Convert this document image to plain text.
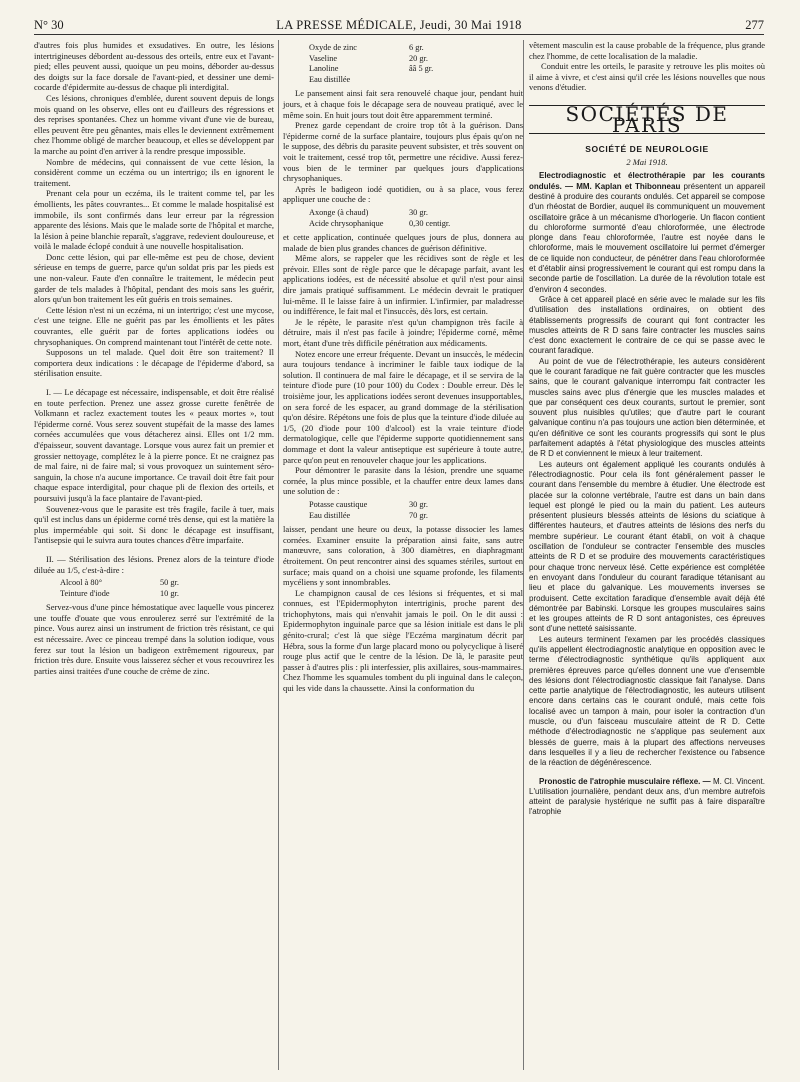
N° 30	LA PRESSE MÉDICALE, Jeudi, 30 Mai 1918	277

d'autres fois plus humides et exsudatives. En outre, les lésions intertrigineuses débordent au-dessous des orteils, entre eux et l'avant-pied; elles peuvent aussi, quoique un peu moins, déborder au-dessus des doigts sur la face dorsale de l'avant-pied, et dessiner une demi-cocarde d'épidermite au-dessus de chaque pli interdigital.

Ces lésions, chroniques d'emblée, durent souvent depuis de longs mois quand on les observe, elles ont eu d'ailleurs des régressions et des reprises spontanées. Chez un homme vivant d'une vie de bureau, elles peuvent être peu gênantes, mais elles le deviennent extrêmement chez l'homme obligé de marcher beaucoup, et elles se développent par la marche au point d'en arriver à la rendre presque impossible.

Nombre de médecins, qui connaissent de vue cette lésion, la considèrent comme un eczéma ou un intertrigo; ils en ignorent le traitement.

Prenant cela pour un eczéma, ils le traitent comme tel, par les émollients, les pâtes couvrantes... Et comme le malade hospitalisé est immobile, ils sont confirmés dans leur erreur par la régression apparente des lésions. Mais que le malade sorte de l'hôpital et marche, la lésion à peine blanchie reparaît, s'aggrave, redevient douloureuse, et voilà le malade éclopé conduit à une nouvelle hospitalisation.

Donc cette lésion, qui par elle-même est peu de chose, devient sérieuse en temps de guerre, parce qu'un soldat pris par les pieds est une non-valeur. Faute d'en connaître le traitement, le médecin peut garder de tels malades à l'hôpital, pendant des mois sans les guérir, alors qu'un bon traitement les eût guéris en trois semaines.

Cette lésion n'est ni un eczéma, ni un intertrigo; c'est une mycose, c'est une teigne. Elle ne guérit pas par les émollients et les pâtes couvrantes, elle guérit par de fortes applications iodées ou chrysophaniques. On comprend maintenant tout l'intérêt de cette note.

Supposons un tel malade. Quel doit être son traitement? Il comportera deux indications : le décapage de l'épiderme d'abord, sa stérilisation ensuite.

I. — Le décapage est nécessaire, indispensable, et doit être réalisé en toute perfection. Prenez une assez grosse curette fenêtrée de Volkmann et raclez exactement toutes les « peaux mortes », tout l'épiderme corné. Vous serez souvent stupéfait de la masse des lames cornées accumulées que vous détacherez ainsi. Elles ont 1/2 mm. d'épaisseur, souvent davantage. Lorsque vous aurez fait un premier et grossier nettoyage, complétez le à la pierre ponce. Et ne craignez pas de mal faire, ni de faire mal; si vous provoquez un suintement séro-sanguin, la chose n'a aucune importance. Ce travail doit être fait pour chaque espace interdigital, pour chaque pli de flexion des orteils, et poursuivi jusqu'à la face plantaire de l'avant-pied.

Souvenez-vous que le parasite est très fragile, facile à tuer, mais qu'il est inclus dans un épiderme corné très dense, qui est la matière la plus imperméable qui soit. Si donc le décapage est insuffisant, l'antisepsie qui le suivra aura toutes chances d'être imparfaite.

II. — Stérilisation des lésions. Prenez alors de la teinture d'iode diluée au 1/5, c'est-à-dire :

Alcool à 80°	50 gr.
Teinture d'iode	10 gr.

Servez-vous d'une pince hémostatique avec laquelle vous pincerez une touffe d'ouate que vous enroulerez serré sur l'extrémité de la pince. Vous aurez ainsi un instrument de friction très résistant, ce qui est nécessaire. Avec ce pinceau trempé dans la solution iodique, vous ferez sur tout la lésion un badigeon extrêmement rigoureux, par friction très dure. Ensuite vous laisserez sécher et vous recouvrirez les parties ainsi traitées d'une couche de crème de zinc.

Oxyde de zinc	6 gr.
Vaseline	20 gr.
Lanoline	ââ 5 gr.
Eau distillée

Le pansement ainsi fait sera renouvelé chaque jour, pendant huit jours, et à chaque fois le décapage sera de nouveau pratiqué, avec le même soin. En huit jours tout doit être apparemment terminé.

Prenez garde cependant de croire trop tôt à la guérison. Dans l'épiderme corné de la surface plantaire, toujours plus épais qu'on ne le suppose, des débris du parasite peuvent subsister, et très souvent on voit le traitement, cessé trop tôt, permettre une récidive. Aussi ferez-vous bien de le terminer par quelques jours d'applications chrysophaniques.

Après le badigeon iodé quotidien, ou à sa place, vous ferez appliquer une couche de :

Axonge (à chaud)	30 gr.
Acide chrysophanique	0,30 centigr.

et cette application, continuée quelques jours de plus, donnera au malade de bien plus grandes chances de guérison définitive.

Même alors, se rappeler que les récidives sont de règle et les prévoir. Elles sont de règle parce que le décapage parfait, avant les applications iodées, est de nécessité absolue et qu'il n'est pour ainsi dire jamais pratiqué suffisamment. Le médecin devrait le pratiquer lui-même. Il le laisse faire à un infirmier. L'infirmier, par maladresse ou indifférence, le fait mal et l'insuccès, dès lors, est certain.

Je le répète, le parasite n'est qu'un champignon très facile à détruire, mais il n'est pas facile à joindre; l'épiderme corné, même mort, étant d'une très difficile pénétration aux médicaments.

Notez encore une erreur fréquente. Devant un insuccès, le médecin aura toujours tendance à incriminer le faible taux iodique de la solution. Il continuera de mal faire le décapage, et il se servira de la teinture d'iode pure (10 pour 100) du Codex : Double erreur. Dès le troisième jour, les applications iodées seront devenues insupportables, on sera forcé de les espacer, au grand dommage de la stérilisation qu'on désire. Répétons une fois de plus que la teinture d'iode diluée au 1/5, (20 d'iode pour 100 d'alcool) est la vraie teinture d'iode dermatologique, celle que l'épiderme supporte quotidiennement sans dommage et dont la valeur antiseptique est supérieure à toute autre, parce qu'on peut en renouveler chaque jour les applications.

Pour démontrer le parasite dans la lésion, prendre une squame cornée, la plus mince possible, et la chauffer entre deux lames dans une solution de :

Potasse caustique	30 gr.
Eau distillée	70 gr.

laisser, pendant une heure ou deux, la potasse dissocier les lames cornées. Examiner ensuite la préparation ainsi faite, sans autre manœuvre, sans coloration, à 300 diamètres, en diaphragmant étroitement. On peut rencontrer ainsi des squames stériles, surtout en surface; mais quand on a choisi une squame profonde, les filaments mycéliens y sont innombrables.

Le champignon causal de ces lésions si fréquentes, et si mal connues, est l'Epidermophyton intertriginis, proche parent des trichophytons, mais qui n'envahit jamais le poil. On le dit aussi : Epidermophyton inguinale parce que sa lésion initiale est dans le pli génito-crural; c'est là que siège l'Eczéma marginatum décrit par Hébra, sous la forme d'un large placard mono ou polycyclique à liseré rouge plus actif que le centre de la lésion. De là, le parasite peut passer à d'autres plis : pli interfessier, plis axillaires, sous-mammaires. Chez l'homme les squamules tombent du pli inguinal dans le caleçon, qui les vide dans la chaussette. Ainsi la conformation du

vêtement masculin est la cause probable de la fréquence, plus grande chez l'homme, de cette localisation de la maladie.

Conduit entre les orteils, le parasite y retrouve les plis moites où il aime à vivre, et c'est ainsi qu'il crée les lésions nouvelles que nous venons d'étudier.

SOCIÉTÉS DE PARIS
SOCIÉTÉ DE NEUROLOGIE
2 Mai 1918.

Electrodiagnostic et électrothérapie par les courants ondulés. — MM. Kaplan et Thibonneau présentent un appareil destiné à produire des courants ondulés. Cet appareil se compose d'un rhéostat de Bordier, auquel ils communiquent un mouvement oscillatoire grâce à un mécanisme d'horlogerie. Un flacon contient du chloroforme surmonté d'eau chloroformée, une électrode plonge dans l'eau chloroformée, l'autre est noyée dans le chloroforme, mais le mouvement oscillatoire lui permet d'émerger de ce liquide non conducteur, de pénétrer dans l'eau chloroformée et d'établir ainsi progressivement le courant qui est rompu dans la seconde partie de l'oscillation. La durée de la révolution totale est d'environ 4 secondes.

Grâce à cet appareil placé en série avec le malade sur les fils d'utilisation des installations ordinaires, on obtient des établissements progressifs de courant qui font contracter les muscles atteints de R D sans faire contracter les muscles sains c'est donc exactement le contraire de ce qui se passe avec le courant faradique.

Au point de vue de l'électrothérapie, les auteurs considèrent que le courant faradique ne fait guère contracter que les muscles sains, que le courant galvanique interrompu fait contracter les muscles sains avec plus d'énergie que les muscles malades et que par conséquent ces deux courants, surtout le premier, sont souvent plus nuisibles qu'utiles; que d'autre part le courant galvanique continu n'a pas toujours une action bien déterminée, et qu'en définitive ce sont les courants progressifs qui sont le plus parfaitement adaptés à l'état physiologique des muscles atteints de R D et conviennent le mieux à leur traitement.

Les auteurs ont également appliqué les courants ondulés à l'électrodiagnostic. Pour cela ils font généralement passer le courant dans l'ensemble du membre à étudier. Une électrode est placée sur la colonne vertébrale, l'autre est dans un bain dans lequel est plongé le pied ou la main du patient. Les auteurs présentent plusieurs blessés atteints de lésions du sciatique à différentes hauteurs, et d'autres atteints de lésions des nerfs du membre supérieur. Le courant étant établi, on voit à chaque oscillation de l'onduleur se contracter l'ensemble des muscles atteints de R D et se produire des mouvements caractéristiques pour chaque tronc nerveux lésé. Cette expérience est complétée en envoyant dans l'onduleur du courant faradique tétanisant au lieu et place du galvanique. Les mouvements inverses se produisent. Cette excitation faradique d'ensemble avait déjà été démontrée par Babinski. Lorsque les groupes musculaires sains et les groupes atteints de R D sont antagonistes, ces épreuves sont d'une netteté saisissante.

Les auteurs terminent l'examen par les procédés classiques qu'ils appellent électrodiagnostic analytique en opposition avec le terme d'électrodiagnostic synthétique qu'ils appliquent aux premières épreuves parce qu'elles donnent une vue d'ensemble des lésions dont l'électrodiagnostic classique fait l'analyse. Dans cette partie analytique de l'électrodiagnostic, les auteurs utilisent encore dans certains cas le courant ondulé, mais cette fois localisé avec un tampon à main, pour isoler la contraction d'un muscle, ou d'un faisceau musculaire atteint de R D. Cette méthode d'électrodiagnostic ne s'applique pas seulement aux blessés de guerre, mais à la plupart des affections nerveuses dans lesquelles il y a lieu de rechercher l'existence ou l'absence de la réaction de dégénérescence.

Pronostic de l'atrophie musculaire réflexe. — M. Cl. Vincent. L'utilisation journalière, pendant deux ans, d'un membre autrefois atteint de paralysie hystérique ne suffit pas à faire disparaître l'atrophie
